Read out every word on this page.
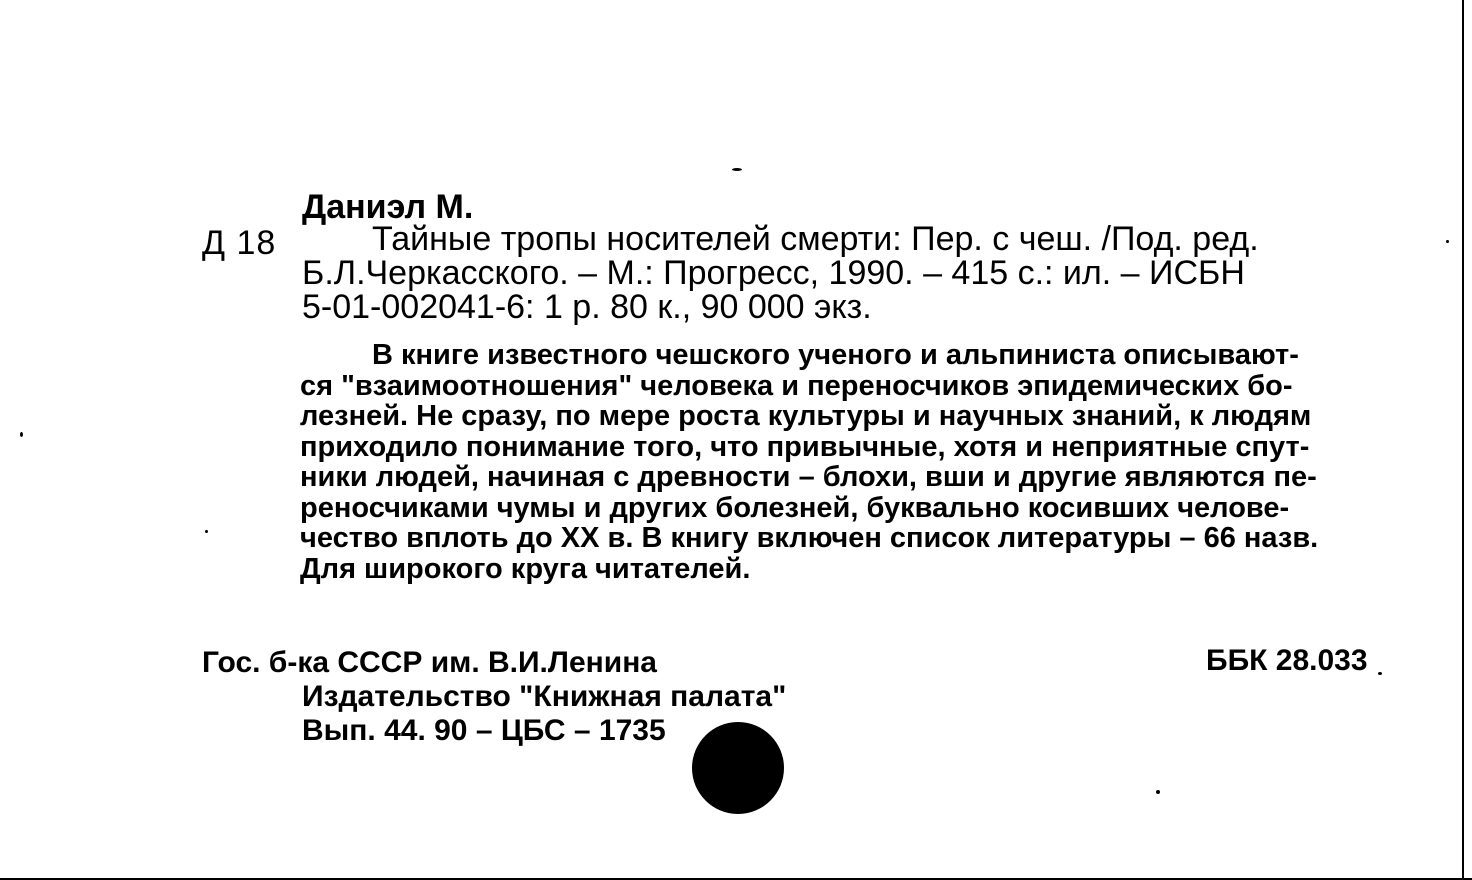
Даниэл М.
Д 18	Тайные тропы носителей смерти: Пер. с чеш. /Под. ред.
Б.Л.Черкасского. – М.: Прогресс, 1990. – 415 с.: ил. – ИСБН
5-01-002041-6: 1 р. 80 к., 90 000 экз.
В книге известного чешского ученого и альпиниста описывают-
ся "взаимоотношения" человека и переносчиков эпидемических бо-
лезней. Не сразу, по мере роста культуры и научных знаний, к людям
приходило понимание того, что привычные, хотя и неприятные спут-
ники людей, начиная с древности – блохи, вши и другие являются пе-
реносчиками чумы и других болезней, буквально косивших челове-
чество вплоть до XX в. В книгу включен список литературы – 66 назв.
Для широкого круга читателей.
Гос. б-ка СССР им. В.И.Ленина
Издательство "Книжная палата"
Вып. 44. 90 – ЦБС – 1735
ББК 28.033
